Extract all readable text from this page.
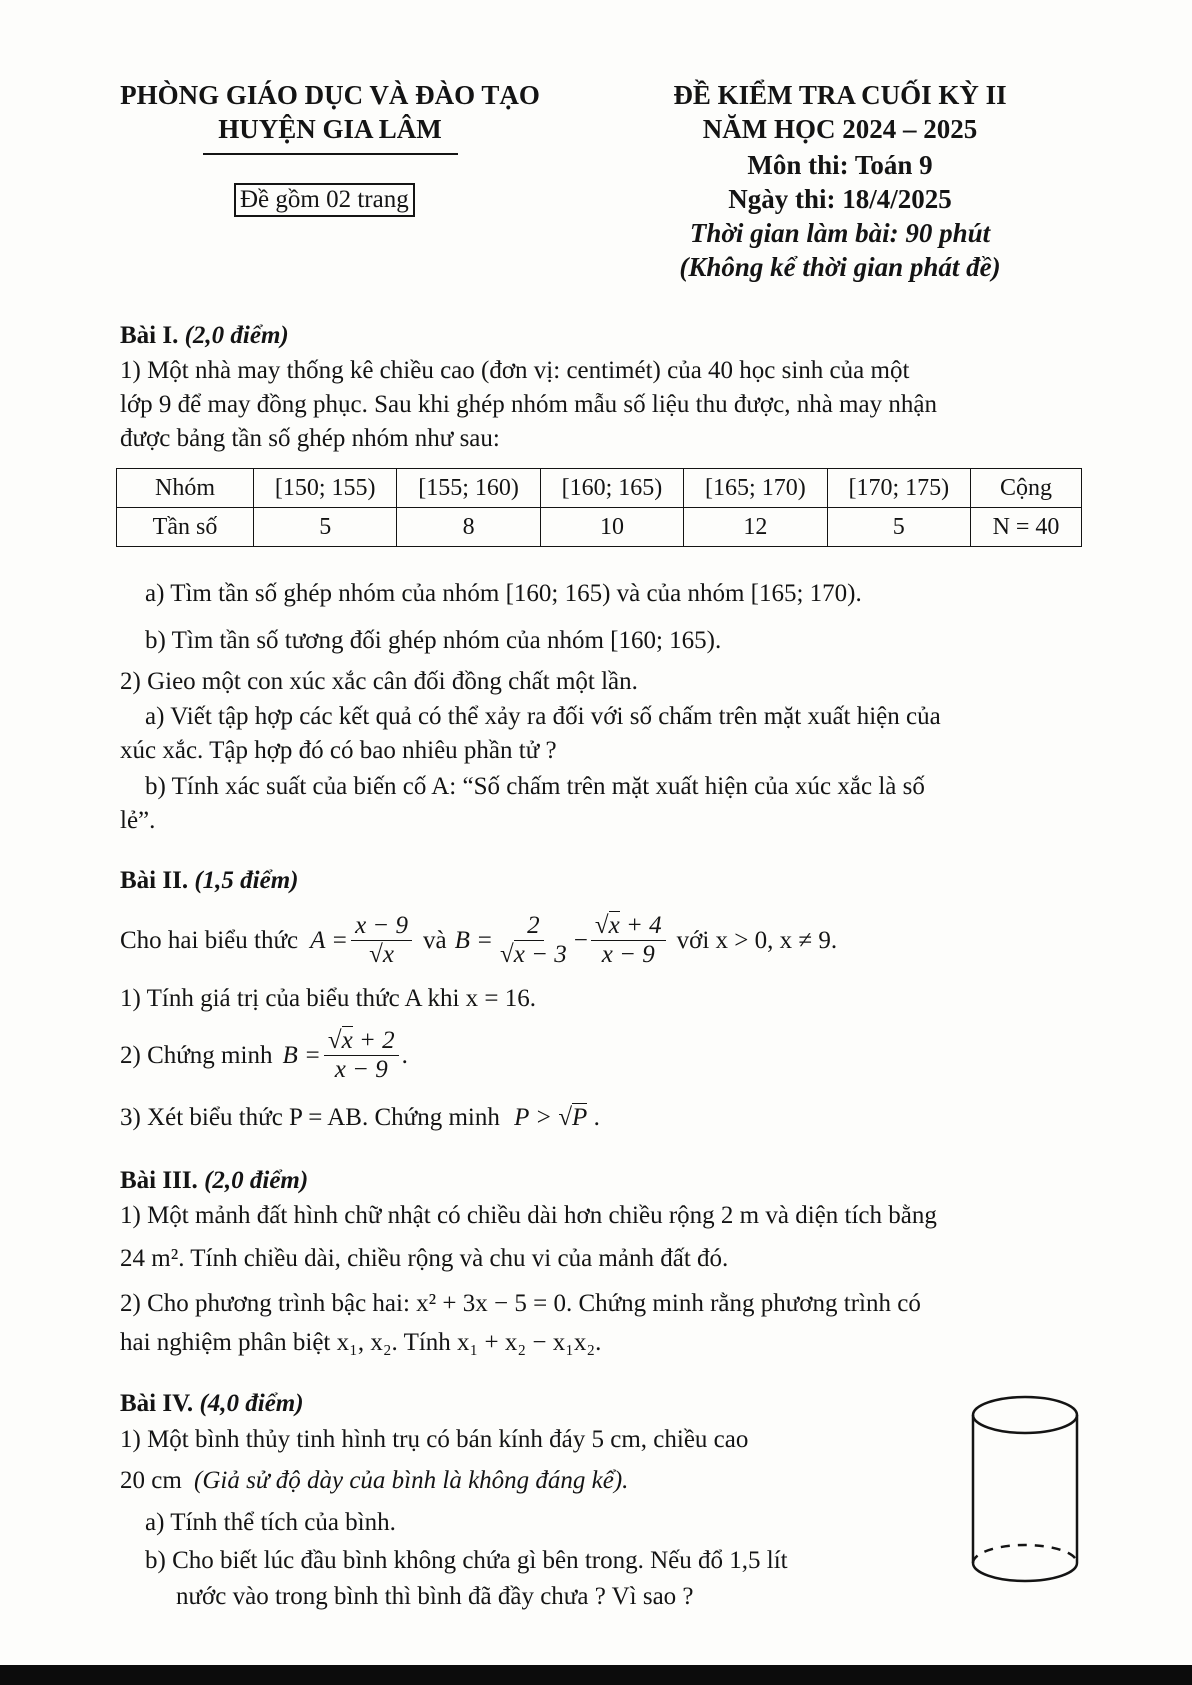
PHÒNG GIÁO DỤC VÀ ĐÀO TẠO
HUYỆN GIA LÂM
Đề gồm 02 trang
ĐỀ KIỂM TRA CUỐI KỲ II
NĂM HỌC 2024 – 2025
Môn thi: Toán 9
Ngày thi: 18/4/2025
Thời gian làm bài: 90 phút
(Không kể thời gian phát đề)
Bài I. (2,0 điểm)
1) Một nhà may thống kê chiều cao (đơn vị: centimét) của 40 học sinh của một
lớp 9 để may đồng phục. Sau khi ghép nhóm mẫu số liệu thu được, nhà may nhận
được bảng tần số ghép nhóm như sau:
Nhóm	[150; 155)	[155; 160)	[160; 165)	[165; 170)	[170; 175)	Cộng
Tần số	5	8	10	12	5	N = 40
a) Tìm tần số ghép nhóm của nhóm [160; 165) và của nhóm [165; 170).
b) Tìm tần số tương đối ghép nhóm của nhóm [160; 165).
2) Gieo một con xúc xắc cân đối đồng chất một lần.
a) Viết tập hợp các kết quả có thể xảy ra đối với số chấm trên mặt xuất hiện của
xúc xắc. Tập hợp đó có bao nhiêu phần tử ?
b) Tính xác suất của biến cố A: “Số chấm trên mặt xuất hiện của xúc xắc là số
lẻ”.
Bài II. (1,5 điểm)
Cho hai biểu thức $A = \frac{x - 9}{√x}$ và $B = \frac{2}{√x - 3} - \frac{√x + 4}{x - 9}$ với x > 0, x ≠ 9.
1) Tính giá trị của biểu thức A khi x = 16.
2) Chứng minh $B = \frac{√x + 2}{x - 9}$ .
3) Xét biểu thức P = AB. Chứng minh P > √P .
Bài III. (2,0 điểm)
1) Một mảnh đất hình chữ nhật có chiều dài hơn chiều rộng 2 m và diện tích bằng
24 m². Tính chiều dài, chiều rộng và chu vi của mảnh đất đó.
2) Cho phương trình bậc hai: x² + 3x − 5 = 0. Chứng minh rằng phương trình có
hai nghiệm phân biệt x₁, x₂. Tính x₁ + x₂ − x₁x₂.
Bài IV. (4,0 điểm)
1) Một bình thủy tinh hình trụ có bán kính đáy 5 cm, chiều cao
20 cm (Giả sử độ dày của bình là không đáng kể).
a) Tính thể tích của bình.
b) Cho biết lúc đầu bình không chứa gì bên trong. Nếu đổ 1,5 lít
nước vào trong bình thì bình đã đầy chưa ? Vì sao ?
